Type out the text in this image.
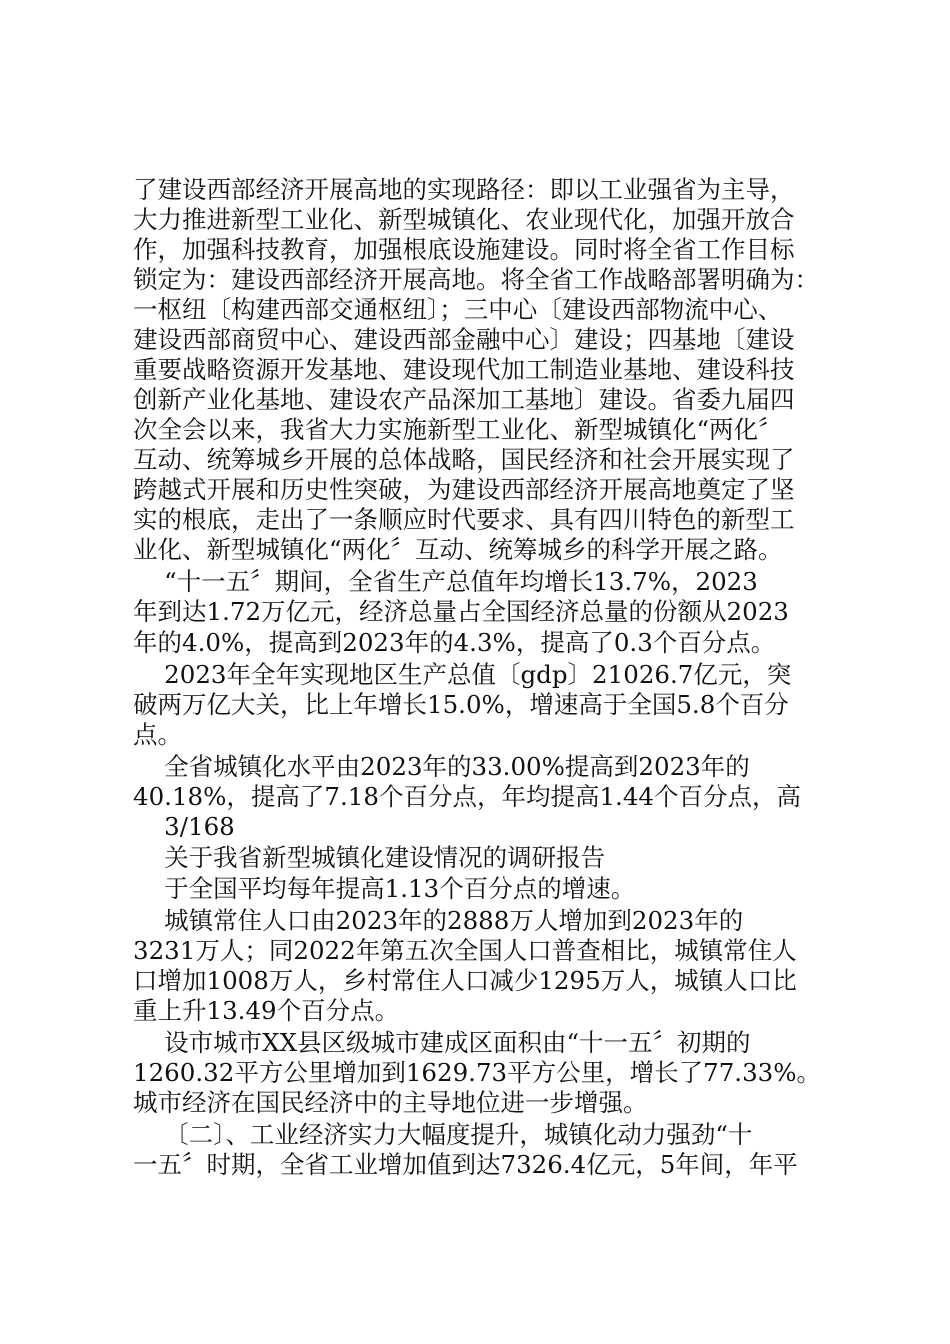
了建设西部经济开展高地的实现路径：即以工业强省为主导，
大力推进新型工业化、新型城镇化、农业现代化，加强开放合
作，加强科技教育，加强根底设施建设。同时将全省工作目标
锁定为：建设西部经济开展高地。将全省工作战略部署明确为：
一枢纽〔构建西部交通枢纽〕；三中心〔建设西部物流中心、
建设西部商贸中心、建设西部金融中心〕建设；四基地〔建设
重要战略资源开发基地、建设现代加工制造业基地、建设科技
创新产业化基地、建设农产品深加工基地〕建设。省委九届四
次全会以来，我省大力实施新型工业化、新型城镇化“两化〞
互动、统筹城乡开展的总体战略，国民经济和社会开展实现了
跨越式开展和历史性突破，为建设西部经济开展高地奠定了坚
实的根底，走出了一条顺应时代要求、具有四川特色的新型工
业化、新型城镇化“两化〞互动、统筹城乡的科学开展之路。
“十一五〞期间，全省生产总值年均增长13.7%，2023
年到达1.72万亿元，经济总量占全国经济总量的份额从2023
年的4.0%，提高到2023年的4.3%，提高了0.3个百分点。
2023年全年实现地区生产总值〔gdp〕21026.7亿元，突
破两万亿大关，比上年增长15.0%，增速高于全国5.8个百分
点。
全省城镇化水平由2023年的33.00%提高到2023年的
40.18%，提高了7.18个百分点，年均提高1.44个百分点，高
3/168
关于我省新型城镇化建设情况的调研报告
于全国平均每年提高1.13个百分点的增速。
城镇常住人口由2023年的2888万人增加到2023年的
3231万人；同2022年第五次全国人口普查相比，城镇常住人
口增加1008万人，乡村常住人口减少1295万人，城镇人口比
重上升13.49个百分点。
设市城市XX县区级城市建成区面积由“十一五〞初期的
1260.32平方公里增加到1629.73平方公里，增长了77.33%。
城市经济在国民经济中的主导地位进一步增强。
〔二〕、工业经济实力大幅度提升，城镇化动力强劲“十
一五〞时期，全省工业增加值到达7326.4亿元，5年间，年平
